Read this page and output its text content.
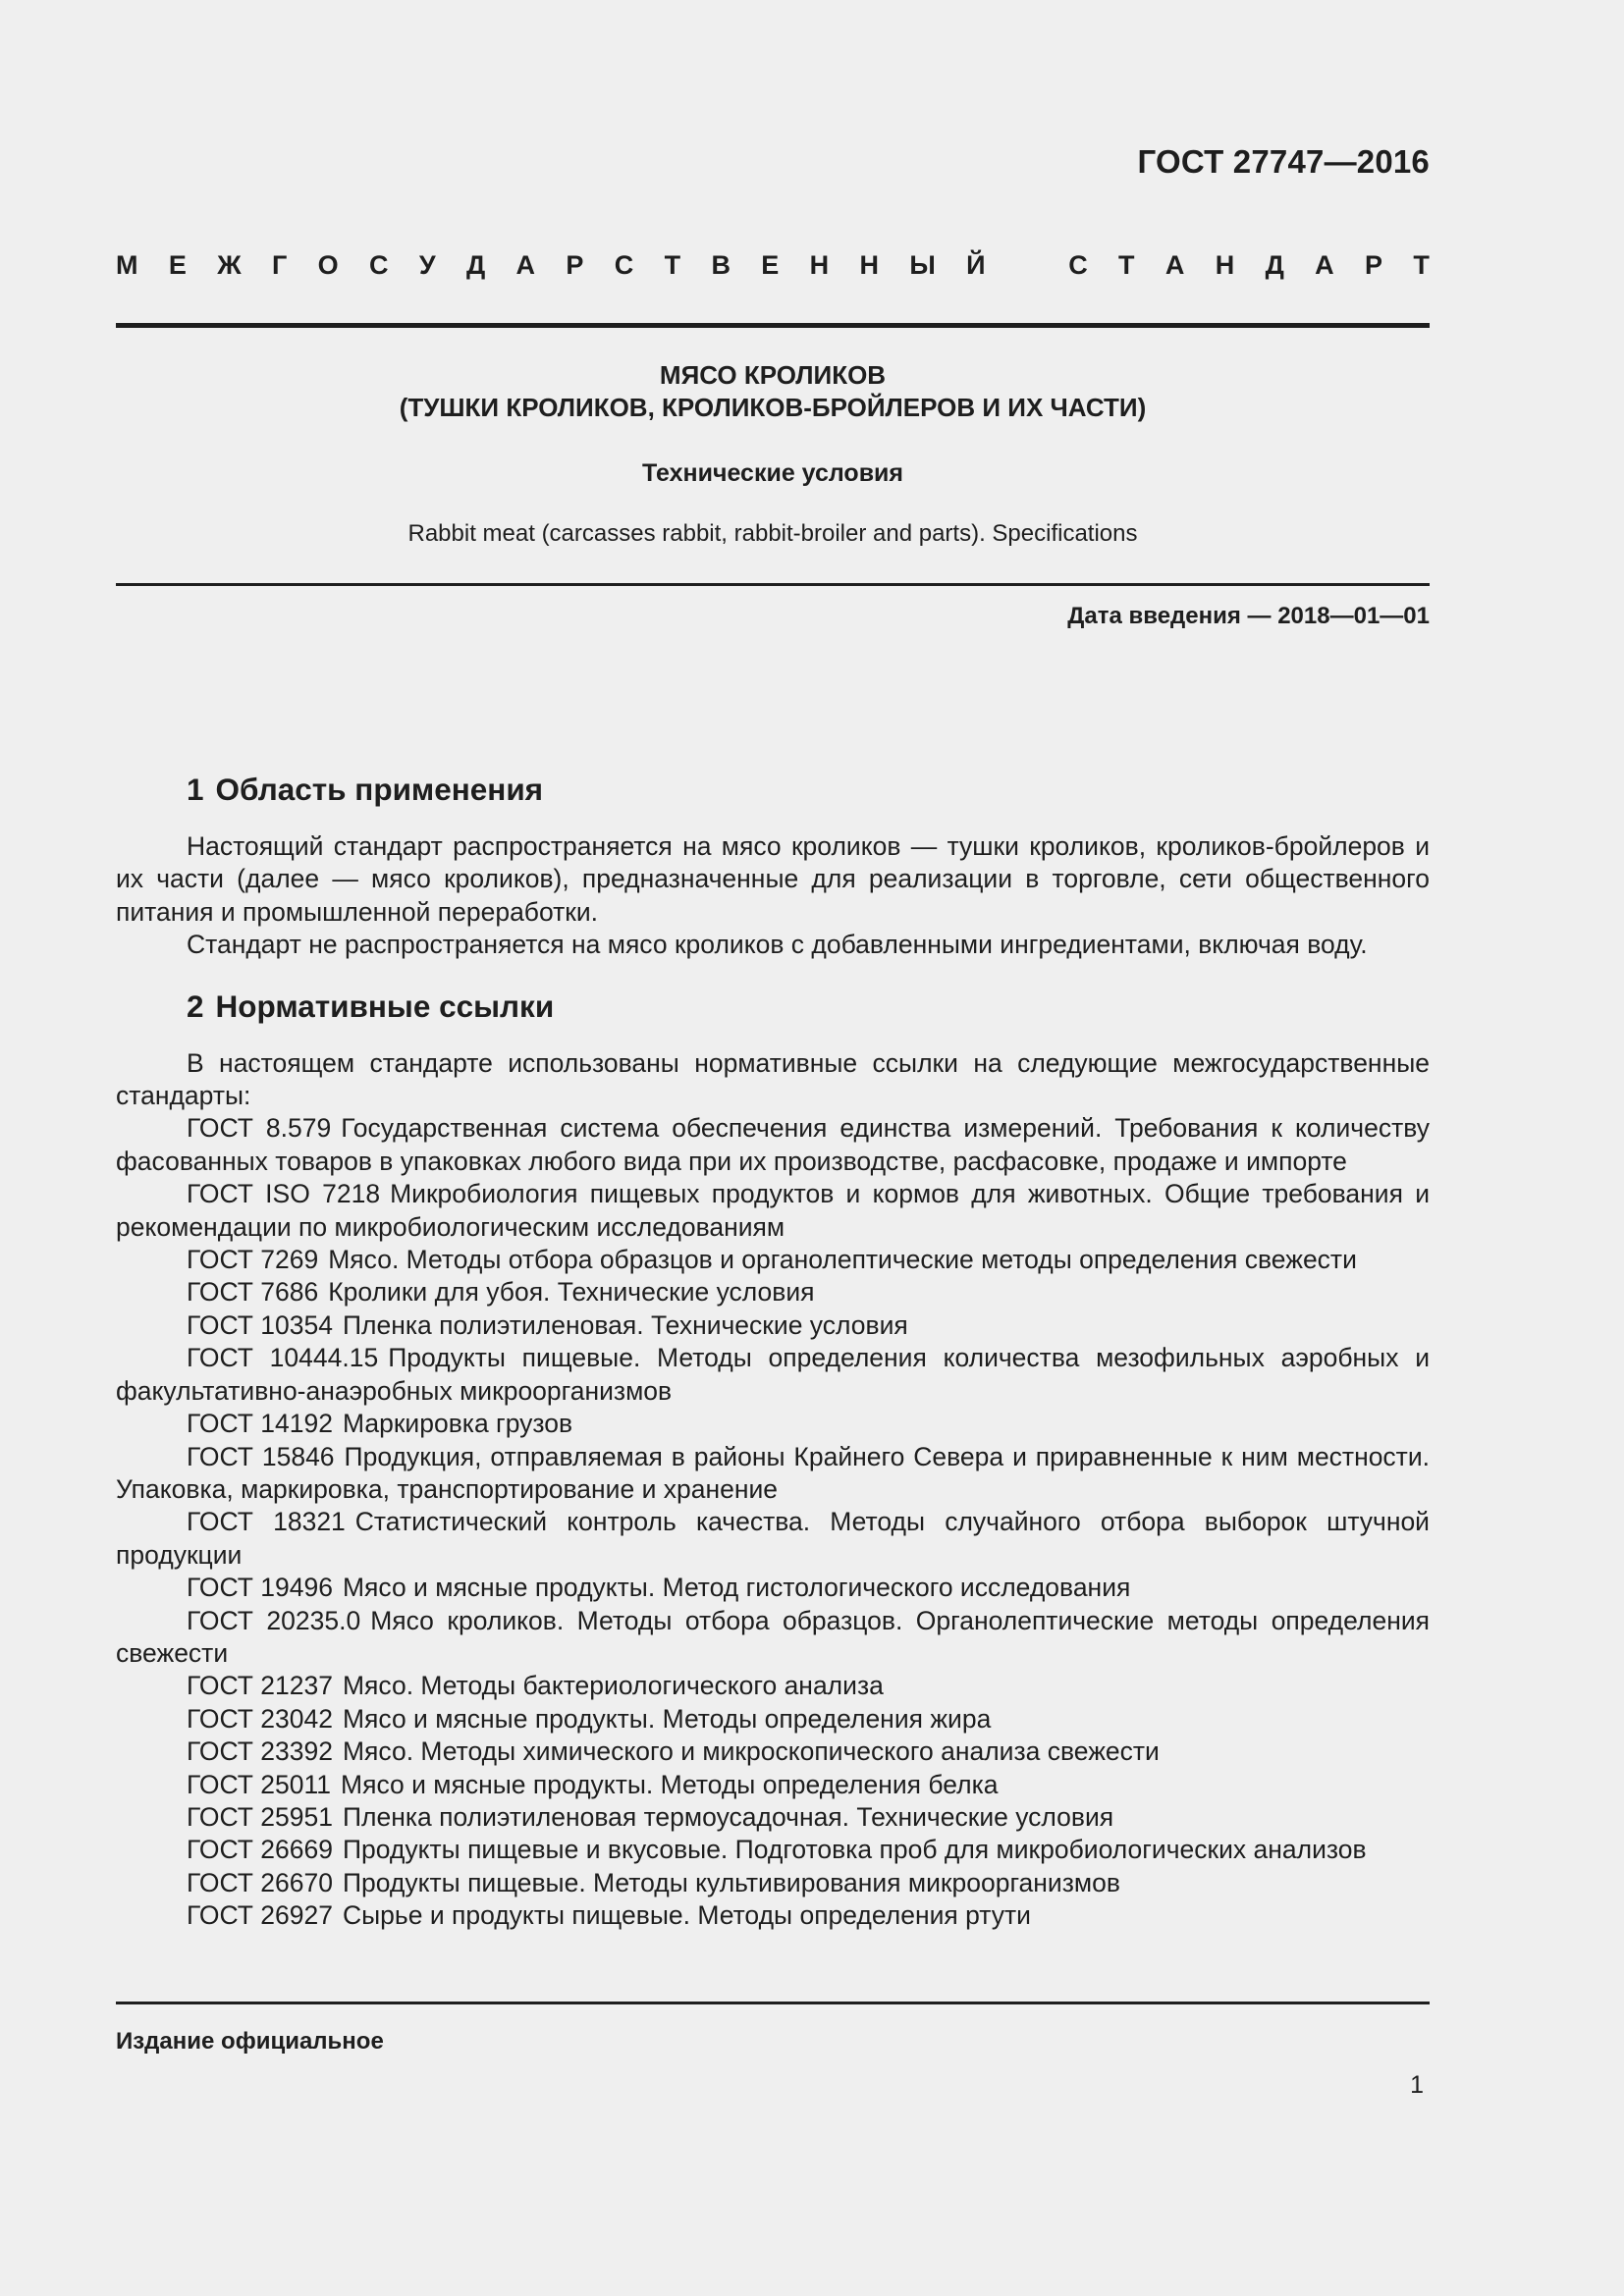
ГОСТ 27747—2016
М Е Ж Г О С У Д А Р С Т В Е Н Н Ы Й	С Т А Н Д А Р Т
МЯСО КРОЛИКОВ
(ТУШКИ КРОЛИКОВ, КРОЛИКОВ-БРОЙЛЕРОВ И ИХ ЧАСТИ)
Технические условия
Rabbit meat (carcasses rabbit, rabbit-broiler and parts). Specifications
Дата введения — 2018—01—01
1 Область применения

Настоящий стандарт распространяется на мясо кроликов — тушки кроликов, кроликов-бройлеров и их части (далее — мясо кроликов), предназначенные для реализации в торговле, сети общественного питания и промышленной переработки.

Стандарт не распространяется на мясо кроликов с добавленными ингредиентами, включая воду.

2 Нормативные ссылки

В настоящем стандарте использованы нормативные ссылки на следующие межгосударственные стандарты:

ГОСТ 8.579 Государственная система обеспечения единства измерений. Требования к количеству фасованных товаров в упаковках любого вида при их производстве, расфасовке, продаже и импорте

ГОСТ ISO 7218 Микробиология пищевых продуктов и кормов для животных. Общие требования и рекомендации по микробиологическим исследованиям

ГОСТ 7269 Мясо. Методы отбора образцов и органолептические методы определения свежести

ГОСТ 7686 Кролики для убоя. Технические условия

ГОСТ 10354 Пленка полиэтиленовая. Технические условия

ГОСТ 10444.15 Продукты пищевые. Методы определения количества мезофильных аэробных и факультативно-анаэробных микроорганизмов

ГОСТ 14192 Маркировка грузов

ГОСТ 15846 Продукция, отправляемая в районы Крайнего Севера и приравненные к ним местности. Упаковка, маркировка, транспортирование и хранение

ГОСТ 18321 Статистический контроль качества. Методы случайного отбора выборок штучной продукции

ГОСТ 19496 Мясо и мясные продукты. Метод гистологического исследования

ГОСТ 20235.0 Мясо кроликов. Методы отбора образцов. Органолептические методы определения свежести

ГОСТ 21237 Мясо. Методы бактериологического анализа

ГОСТ 23042 Мясо и мясные продукты. Методы определения жира

ГОСТ 23392 Мясо. Методы химического и микроскопического анализа свежести

ГОСТ 25011 Мясо и мясные продукты. Методы определения белка

ГОСТ 25951 Пленка полиэтиленовая термоусадочная. Технические условия

ГОСТ 26669 Продукты пищевые и вкусовые. Подготовка проб для микробиологических анализов

ГОСТ 26670 Продукты пищевые. Методы культивирования микроорганизмов

ГОСТ 26927 Сырье и продукты пищевые. Методы определения ртути

Издание официальное
1
